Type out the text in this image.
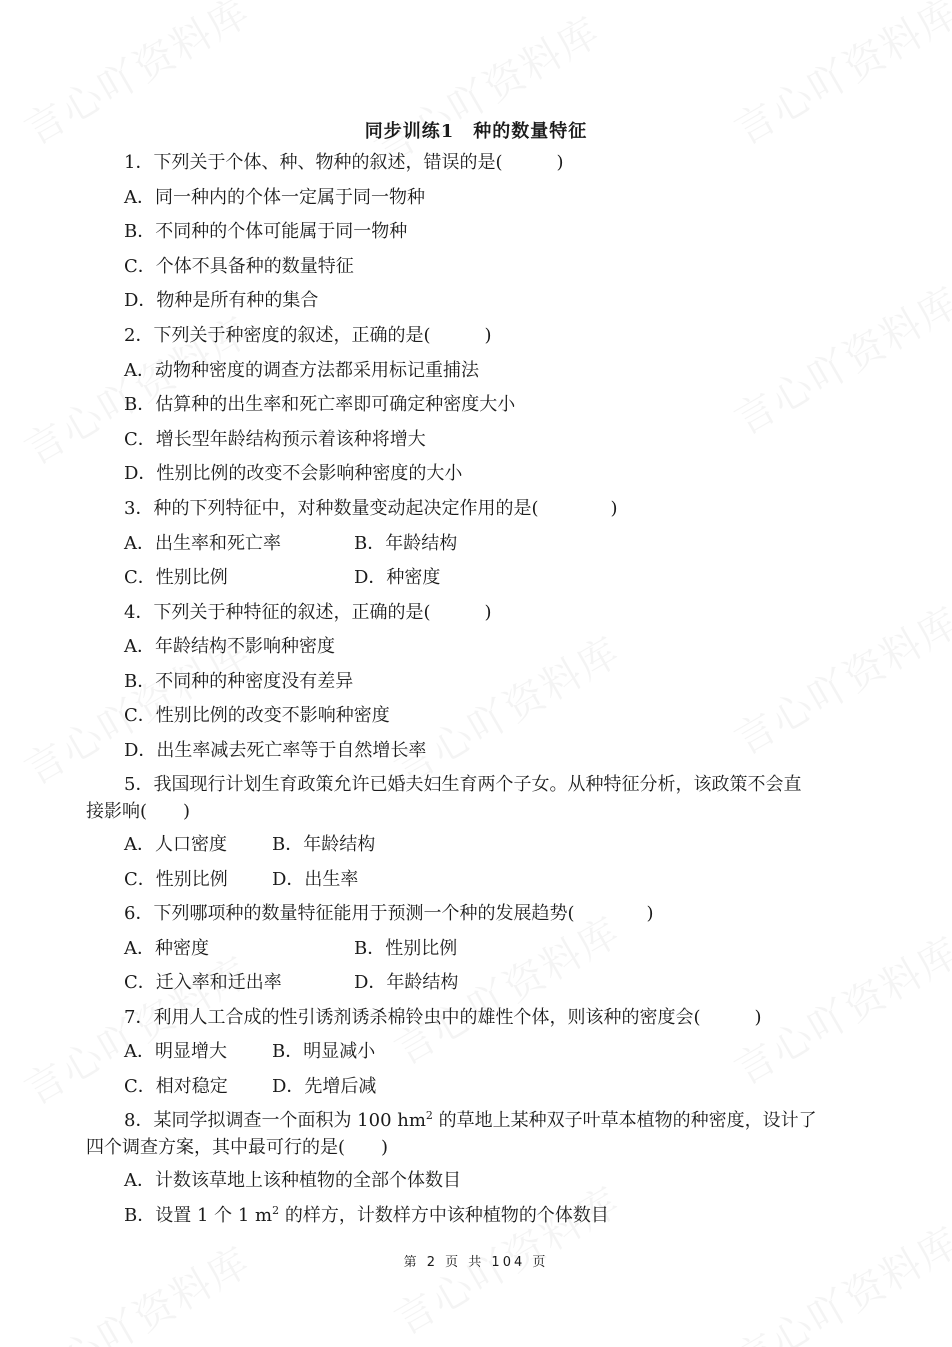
同步训练1　种的数量特征
1．下列关于个体、种、物种的叙述，错误的是(　　　)
A．同一种内的个体一定属于同一物种
B．不同种的个体可能属于同一物种
C．个体不具备种的数量特征
D．物种是所有种的集合
2．下列关于种密度的叙述，正确的是(　　　)
A．动物种密度的调查方法都采用标记重捕法
B．估算种的出生率和死亡率即可确定种密度大小
C．增长型年龄结构预示着该种将增大
D．性别比例的改变不会影响种密度的大小
3．种的下列特征中，对种数量变动起决定作用的是(　　　　)
A．出生率和死亡率	B．年龄结构
C．性别比例	D．种密度
4．下列关于种特征的叙述，正确的是(　　　)
A．年龄结构不影响种密度
B．不同种的种密度没有差异
C．性别比例的改变不影响种密度
D．出生率减去死亡率等于自然增长率
5．我国现行计划生育政策允许已婚夫妇生育两个子女。从种特征分析，该政策不会直
接影响(　　)
A．人口密度	B．年龄结构
C．性别比例 D．出生率
6．下列哪项种的数量特征能用于预测一个种的发展趋势(　　　　)
A．种密度	B．性别比例
C．迁入率和迁出率	D．年龄结构
7．利用人工合成的性引诱剂诱杀棉铃虫中的雄性个体，则该种的密度会(　　　)
A．明显增大	B．明显减小
C．相对稳定 D．先增后减
8．某同学拟调查一个面积为 100 $hm^2$ 的草地上某种双子叶草本植物的种密度，设计了
四个调查方案，其中最可行的是(　　)
A．计数该草地上该种植物的全部个体数目
B．设置 1 个 1 $m^2$ 的样方，计数样方中该种植物的个体数目
第 2 页 共 104 页
